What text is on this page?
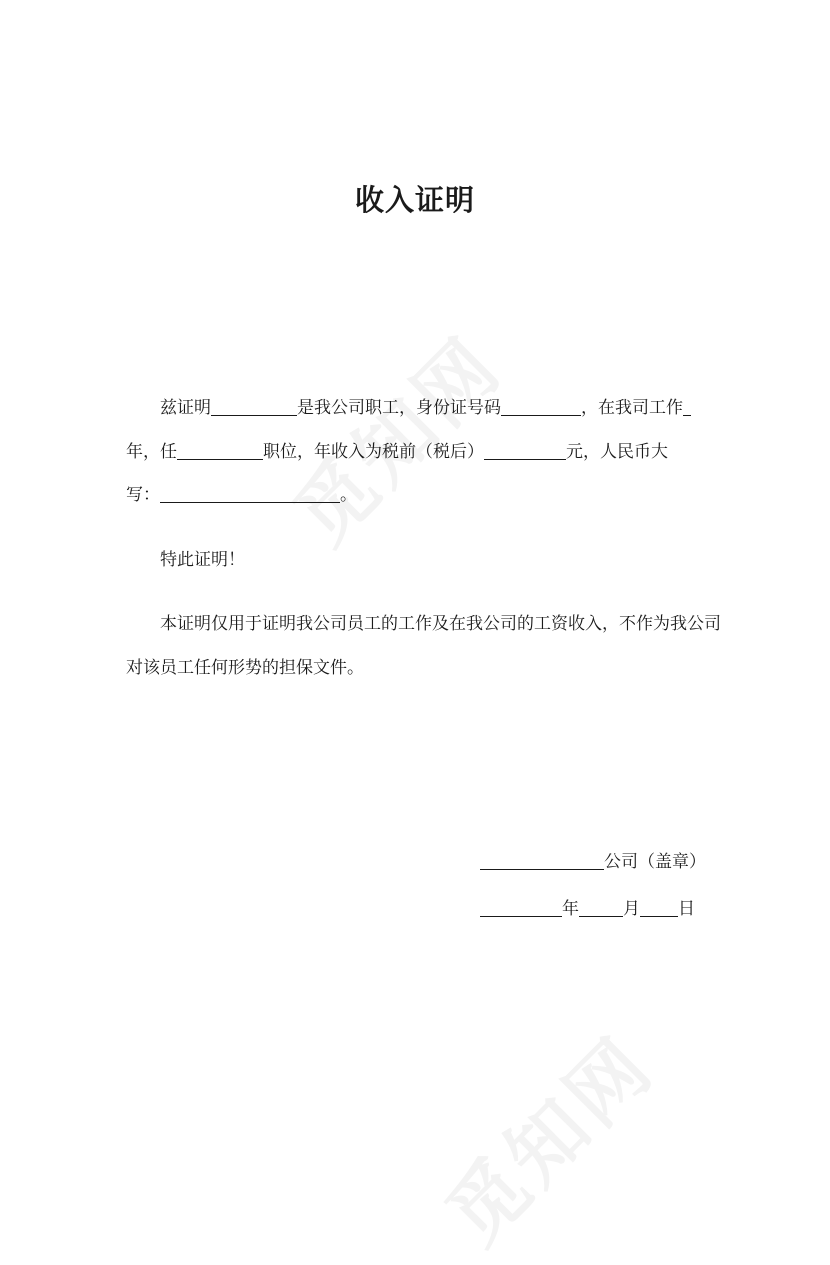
收入证明
兹证明	是我公司职工，身份证号码	，在我司工作
年，任	职位，年收入为税前（税后）	元，人民币大
写：	。
特此证明！
本证明仅用于证明我公司员工的工作及在我公司的工资收入，不作为我公司
对该员工任何形势的担保文件。
公司（盖章）
年	月 日
